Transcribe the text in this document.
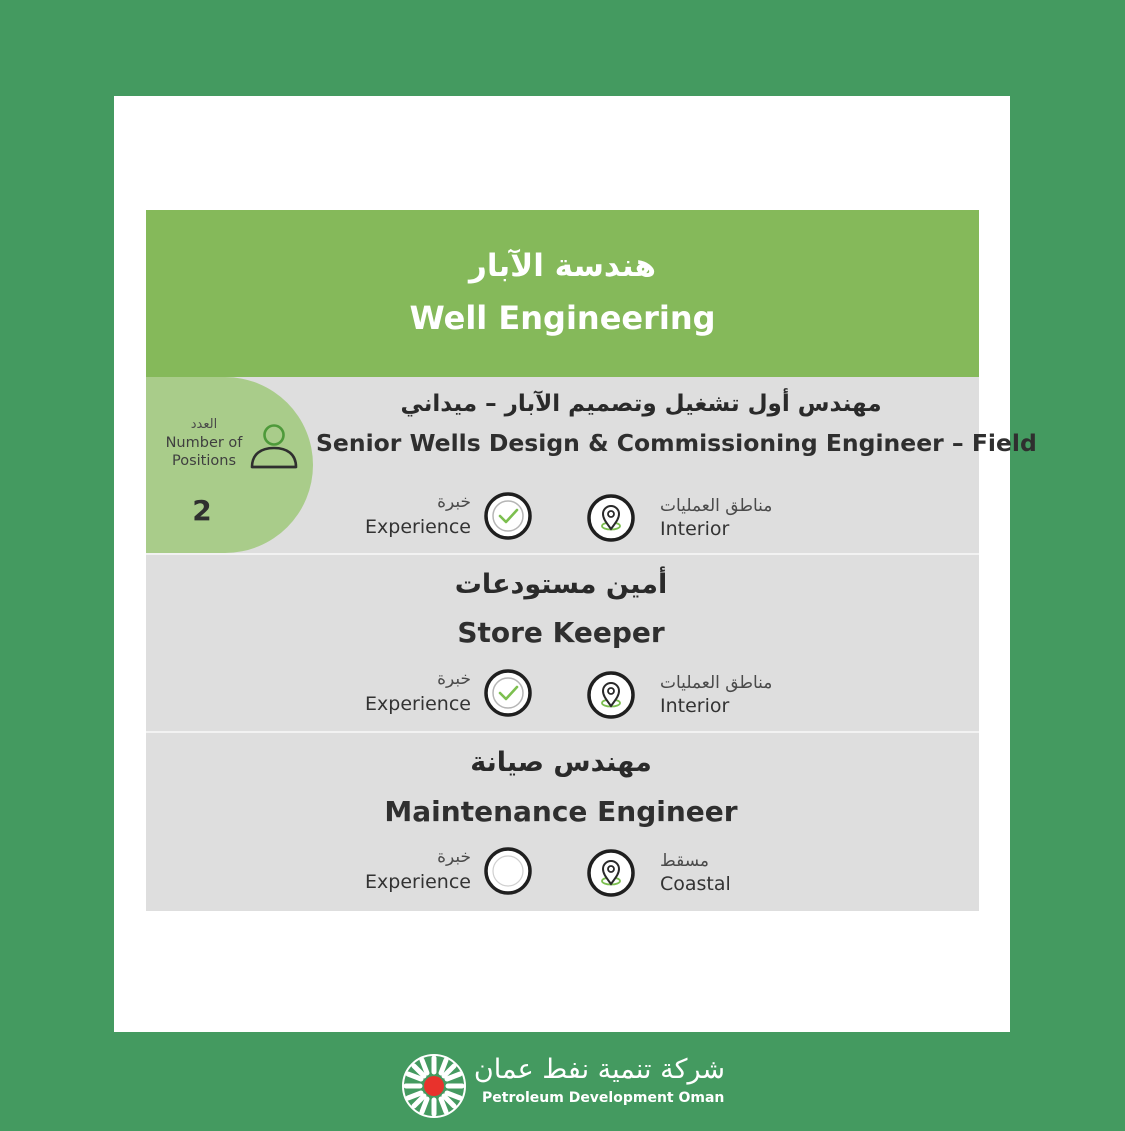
هندسة الآبار
Well Engineering
العدد
Number of Positions
2
مهندس أول تشغيل وتصميم الآبار – ميداني
Senior Wells Design & Commissioning Engineer – Field
خبرة
Experience
مناطق العمليات
Interior
أمين مستودعات
Store Keeper
خبرة
Experience
مناطق العمليات
Interior
مهندس صيانة
Maintenance Engineer
خبرة
Experience
مسقط
Coastal
شركة تنمية نفط عمان
Petroleum Development Oman
